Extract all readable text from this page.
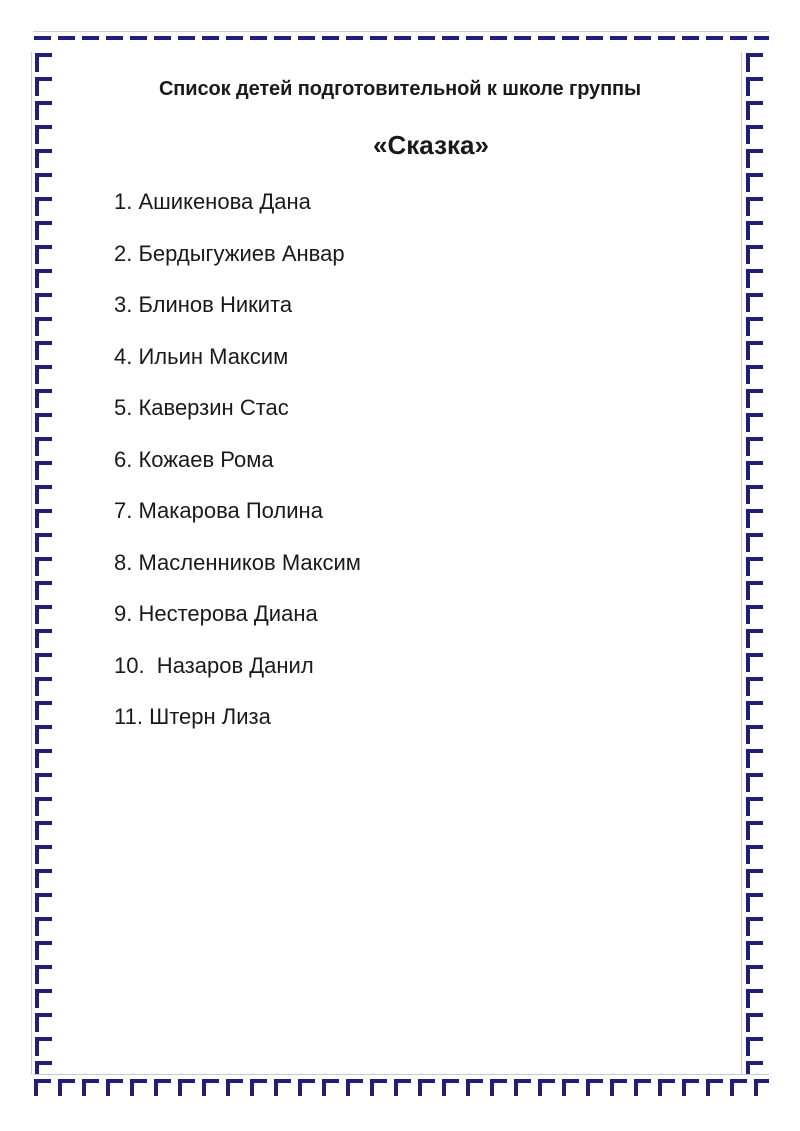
Список детей подготовительной к школе группы
«Сказка»
1. Ашикенова Дана
2. Бердыгужиев Анвар
3. Блинов Никита
4. Ильин Максим
5. Каверзин Стас
6. Кожаев Рома
7. Макарова Полина
8. Масленников Максим
9. Нестерова Диана
10.  Назаров Данил
11. Штерн Лиза
